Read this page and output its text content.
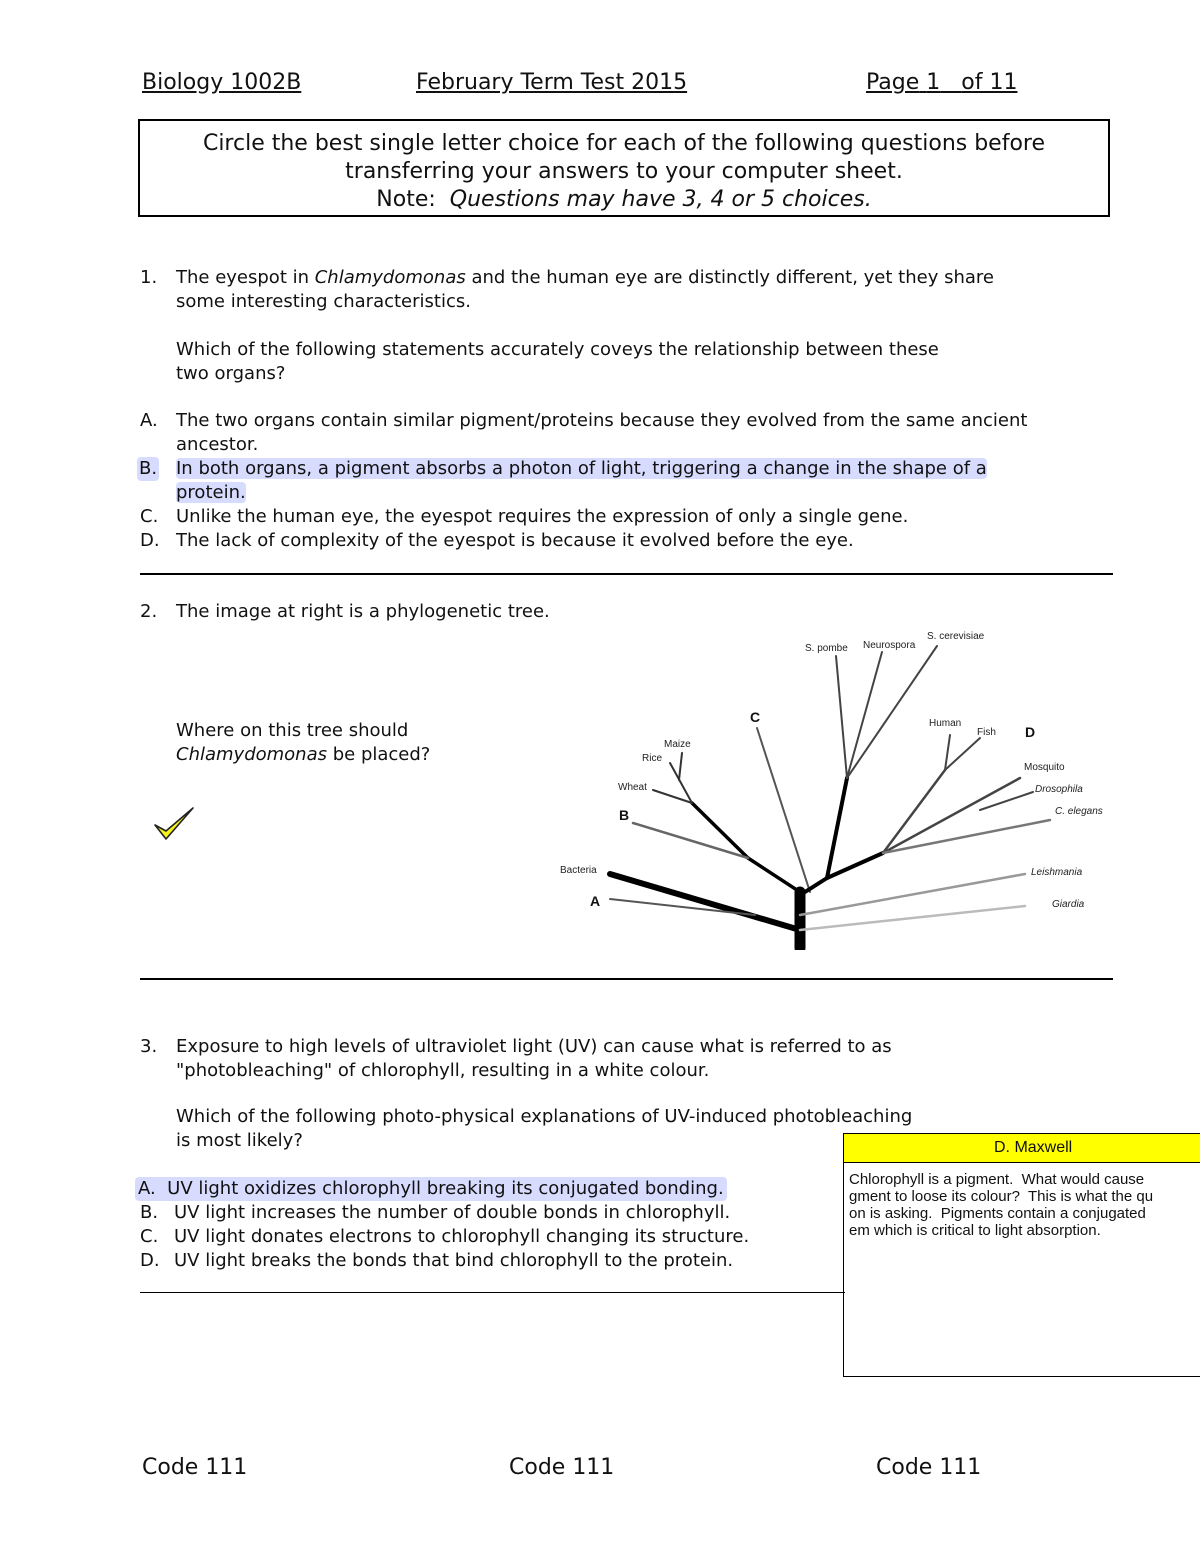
Biology 1002B	February Term Test 2015	Page 1 of 11
Circle the best single letter choice for each of the following questions before
transferring your answers to your computer sheet.
Note: Questions may have 3, 4 or 5 choices.
1. The eyespot in Chlamydomonas and the human eye are distinctly different, yet they share
some interesting characteristics.
Which of the following statements accurately coveys the relationship between these
two organs?
A. The two organs contain similar pigment/proteins because they evolved from the same ancient
ancestor.
B. In both organs, a pigment absorbs a photon of light, triggering a change in the shape of a
protein.
C. Unlike the human eye, the eyespot requires the expression of only a single gene.
D. The lack of complexity of the eyespot is because it evolved before the eye.
2. The image at right is a phylogenetic tree.
Where on this tree should
Chlamydomonas be placed?
S. pombe Neurospora
S. cerevisiae
Maize
Rice
Wheat
Human
Fish
Mosquito
Drosophila
C. elegans
Bacteria	Leishmania
Giardia
A
B
C
D
3. Exposure to high levels of ultraviolet light (UV) can cause what is referred to as
"photobleaching" of chlorophyll, resulting in a white colour.
Which of the following photo-physical explanations of UV-induced photobleaching
is most likely?
A. UV light oxidizes chlorophyll breaking its conjugated bonding.
B. UV light increases the number of double bonds in chlorophyll.
C. UV light donates electrons to chlorophyll changing its structure.
D. UV light breaks the bonds that bind chlorophyll to the protein.
D. Maxwell
Chlorophyll is a pigment.  What would cause
gment to loose its colour?  This is what the qu
on is asking.  Pigments contain a conjugated
em which is critical to light absorption.
Code 111	Code 111	Code 111
